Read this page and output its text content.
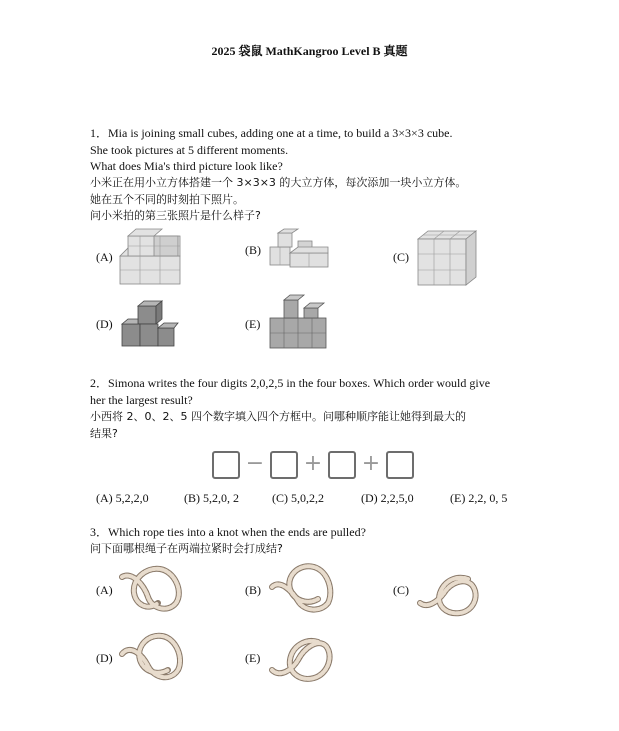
2025 袋鼠 MathKangroo Level B 真题
1．Mia is joining small cubes, adding one at a time, to build a 3×3×3 cube.
She took pictures at 5 different moments.
What does Mia's third picture look like?
小米正在用小立方体搭建一个 3×3×3 的大立方体，每次添加一块小立方体。
她在五个不同的时刻拍下照片。
问小米拍的第三张照片是什么样子?
(A)	(B)	(C)
(D)	(E)
2．Simona writes the four digits 2,0,2,5 in the four boxes. Which order would give
her the largest result?
小西将 2、0、2、5 四个数字填入四个方框中。问哪种顺序能让她得到最大的
结果?
− + +
(A) 5,2,2,0	(B) 5,2,0, 2	(C) 5,0,2,2	(D) 2,2,5,0	(E) 2,2, 0, 5
3．Which rope ties into a knot when the ends are pulled?
问下面哪根绳子在两端拉紧时会打成结?
(A)	(B)	(C)
(D)	(E)
